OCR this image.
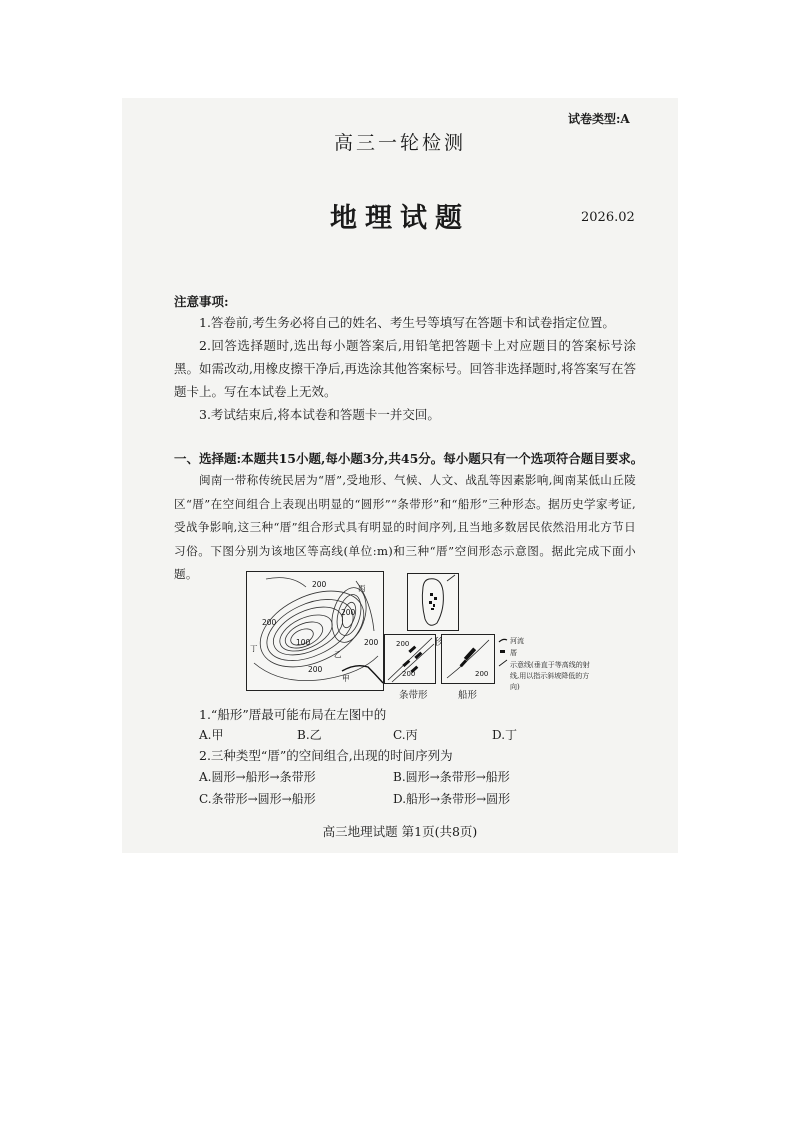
试卷类型:A
高三一轮检测
地理试题	2026.02
注意事项:
1.答卷前,考生务必将自己的姓名、考生号等填写在答题卡和试卷指定位置。
2.回答选择题时,选出每小题答案后,用铅笔把答题卡上对应题目的答案标号涂黑。如需改动,用橡皮擦干净后,再选涂其他答案标号。回答非选择题时,将答案写在答题卡上。写在本试卷上无效。
3.考试结束后,将本试卷和答题卡一并交回。
一、选择题:本题共15小题,每小题3分,共45分。每小题只有一个选项符合题目要求。
闽南一带称传统民居为“厝”,受地形、气候、人文、战乱等因素影响,闽南某低山丘陵区“厝”在空间组合上表现出明显的“圆形”“条带形”和“船形”三种形态。据历史学家考证,受战争影响,这三种“厝”组合形式具有明显的时间序列,且当地多数居民依然沿用北方节日习俗。下图分别为该地区等高线(单位:m)和三种“厝”空间形态示意图。据此完成下面小题。
200
200
100
200
200
200
丙
丁
乙
甲
200
200
条带形
200
船形
河流
厝
示意线(垂直于等高线的射线,用以指示斜坡降低的方向)
1.“船形”厝最可能布局在左图中的
A.甲	B.乙	C.丙	D.丁
2.三种类型“厝”的空间组合,出现的时间序列为
A.圆形→船形→条带形	B.圆形→条带形→船形
C.条带形→圆形→船形	D.船形→条带形→圆形
高三地理试题 第1页(共8页)
